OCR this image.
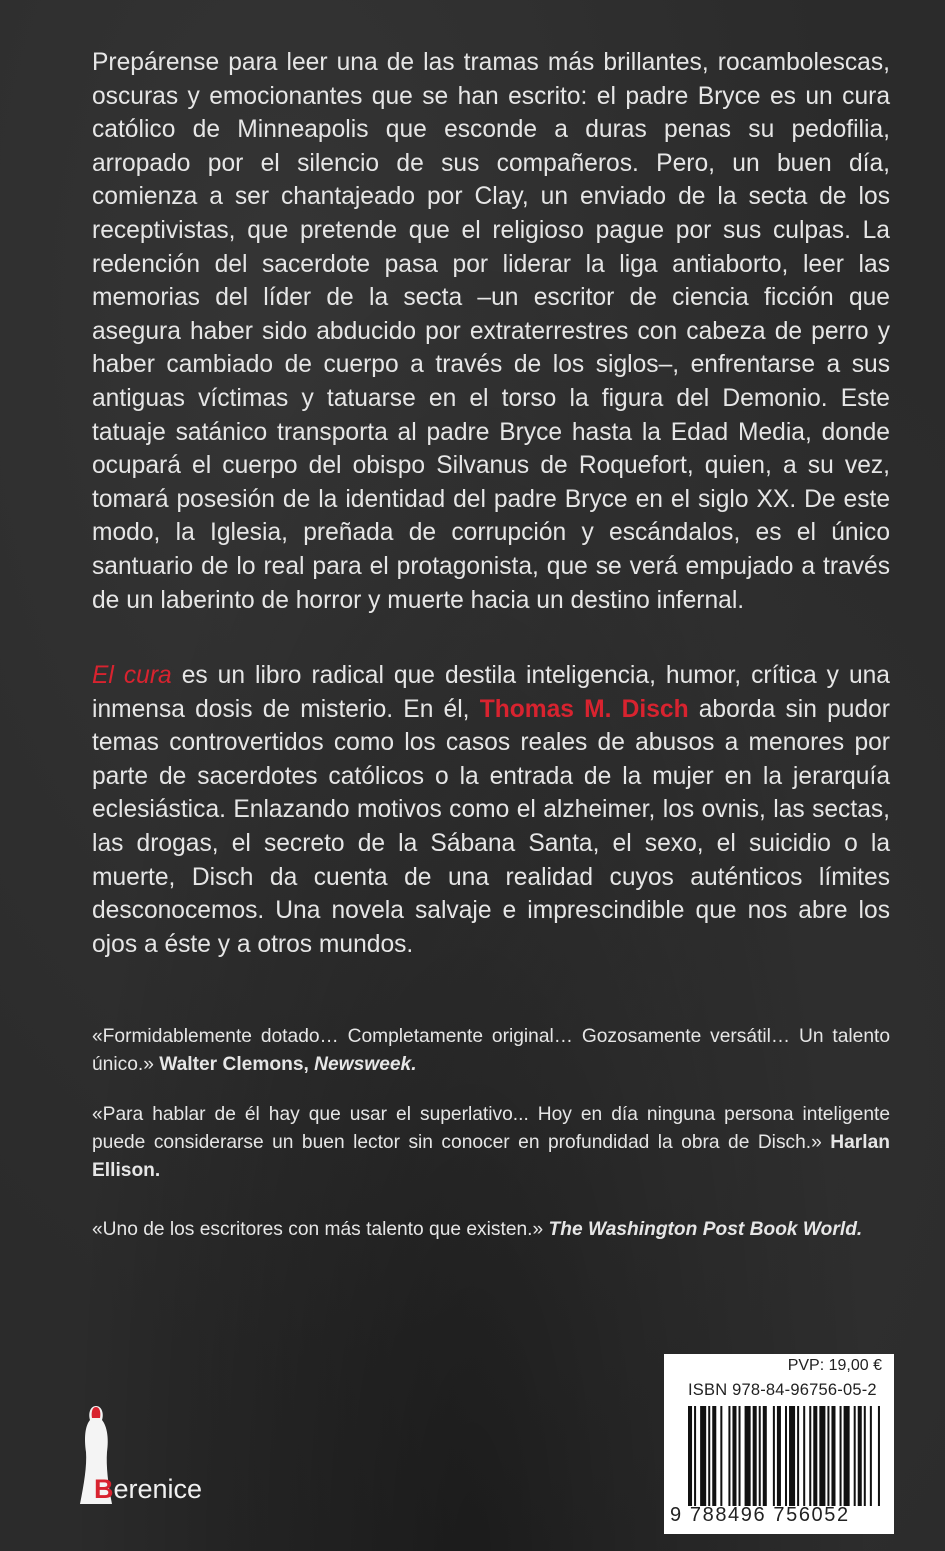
Prepárense para leer una de las tramas más brillantes, rocambolescas, oscuras y emocionantes que se han escrito: el padre Bryce es un cura católico de Minneapolis que esconde a duras penas su pedofilia, arropado por el silencio de sus compañeros. Pero, un buen día, comienza a ser chantajeado por Clay, un enviado de la secta de los receptivistas, que pretende que el religioso pague por sus culpas. La redención del sacerdote pasa por liderar la liga antiaborto, leer las memorias del líder de la secta –un escritor de ciencia ficción que asegura haber sido abducido por extraterrestres con cabeza de perro y haber cambiado de cuerpo a través de los siglos–, enfrentarse a sus antiguas víctimas y tatuarse en el torso la figura del Demonio. Este tatuaje satánico transporta al padre Bryce hasta la Edad Media, donde ocupará el cuerpo del obispo Silvanus de Roquefort, quien, a su vez, tomará posesión de la identidad del padre Bryce en el siglo XX. De este modo, la Iglesia, preñada de corrupción y escándalos, es el único santuario de lo real para el protagonista, que se verá empujado a través de un laberinto de horror y muerte hacia un destino infernal.

El cura es un libro radical que destila inteligencia, humor, crítica y una inmensa dosis de misterio. En él, Thomas M. Disch aborda sin pudor temas controvertidos como los casos reales de abusos a menores por parte de sacerdotes católicos o la entrada de la mujer en la jerarquía eclesiástica. Enlazando motivos como el alzheimer, los ovnis, las sectas, las drogas, el secreto de la Sábana Santa, el sexo, el suicidio o la muerte, Disch da cuenta de una realidad cuyos auténticos límites desconocemos. Una novela salvaje e imprescindible que nos abre los ojos a éste y a otros mundos.

«Formidablemente dotado… Completamente original… Gozosamente versátil… Un talento único.» Walter Clemons, Newsweek.

«Para hablar de él hay que usar el superlativo... Hoy en día ninguna persona inteligente puede considerarse un buen lector sin conocer en profundidad la obra de Disch.» Harlan Ellison.

«Uno de los escritores con más talento que existen.» The Washington Post Book World.

Berenice
PVP: 19,00 €
ISBN 978-84-96756-05-2
9 788496 756052
